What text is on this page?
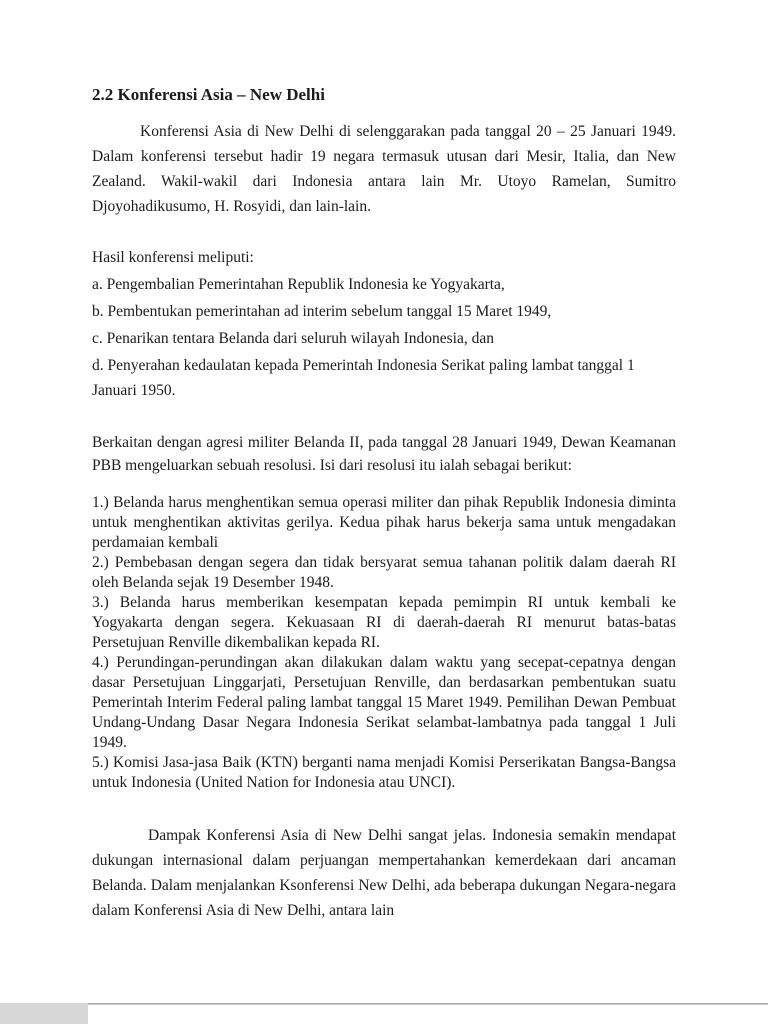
2.2 Konferensi Asia – New Delhi

Konferensi Asia di New Delhi di selenggarakan pada tanggal 20 – 25 Januari 1949. Dalam konferensi tersebut hadir 19 negara termasuk utusan dari Mesir, Italia, dan New Zealand. Wakil-wakil dari Indonesia antara lain Mr. Utoyo Ramelan, Sumitro Djoyohadikusumo, H. Rosyidi, dan lain-lain.

Hasil konferensi meliputi:

a. Pengembalian Pemerintahan Republik Indonesia ke Yogyakarta,

b. Pembentukan pemerintahan ad interim sebelum tanggal 15 Maret 1949,

c. Penarikan tentara Belanda dari seluruh wilayah Indonesia, dan

d. Penyerahan kedaulatan kepada Pemerintah Indonesia Serikat paling lambat tanggal 1 Januari 1950.

Berkaitan dengan agresi militer Belanda II, pada tanggal 28 Januari 1949, Dewan Keamanan PBB mengeluarkan sebuah resolusi. Isi dari resolusi itu ialah sebagai berikut:

1.) Belanda harus menghentikan semua operasi militer dan pihak Republik Indonesia diminta untuk menghentikan aktivitas gerilya. Kedua pihak harus bekerja sama untuk mengadakan perdamaian kembali

2.) Pembebasan dengan segera dan tidak bersyarat semua tahanan politik dalam daerah RI oleh Belanda sejak 19 Desember 1948.

3.) Belanda harus memberikan kesempatan kepada pemimpin RI untuk kembali ke Yogyakarta dengan segera. Kekuasaan RI di daerah-daerah RI menurut batas-batas Persetujuan Renville dikembalikan kepada RI.

4.) Perundingan-perundingan akan dilakukan dalam waktu yang secepat-cepatnya dengan dasar Persetujuan Linggarjati, Persetujuan Renville, dan berdasarkan pembentukan suatu Pemerintah Interim Federal paling lambat tanggal 15 Maret 1949. Pemilihan Dewan Pembuat Undang-Undang Dasar Negara Indonesia Serikat selambat-lambatnya pada tanggal 1 Juli 1949.

5.) Komisi Jasa-jasa Baik (KTN) berganti nama menjadi Komisi Perserikatan Bangsa-Bangsa untuk Indonesia (United Nation for Indonesia atau UNCI).

Dampak Konferensi Asia di New Delhi sangat jelas. Indonesia semakin mendapat dukungan internasional dalam perjuangan mempertahankan kemerdekaan dari ancaman Belanda. Dalam menjalankan Ksonferensi New Delhi, ada beberapa dukungan Negara-negara dalam Konferensi Asia di New Delhi, antara lain
